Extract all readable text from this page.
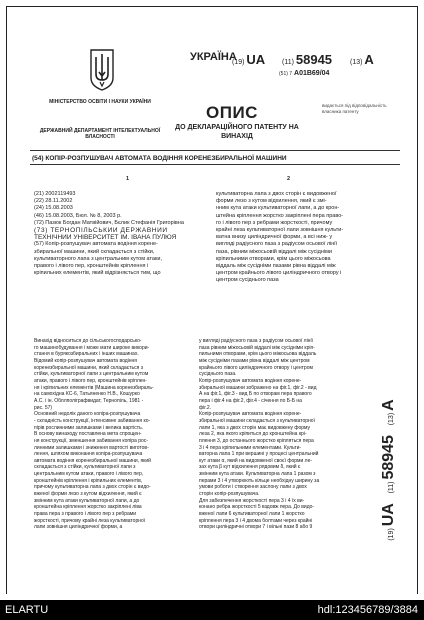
УКРАЇНА
МІНІСТЕРСТВО ОСВІТИ І НАУКИ УКРАЇНИ
ДЕРЖАВНИЙ ДЕПАРТАМЕНТ ІНТЕЛЕКТУАЛЬНОЇ ВЛАСНОСТІ
(19) UA (11) 58945	(13) A
(51) 7 A01B69/04
ОПИС
ДО ДЕКЛАРАЦІЙНОГО ПАТЕНТУ НА ВИНАХІД
видається під відповідальність власника патенту
(54) КОПІР-РОЗПУШУВАЧ АВТОМАТА ВОДІННЯ КОРЕНЕЗБИРАЛЬНОЇ МАШИНИ
1	2
(21) 2002119493
(22) 28.11.2002
(24) 15.08.2003
(46) 15.08.2003, Бюл. № 8, 2003 р.
(72) Пазюк Богдан Матвійович, Бєлик Стефанія Григорівна
(73) ТЕРНОПІЛЬСЬКИЙ ДЕРЖАВНИЙ
ТЕХНІЧНИЙ УНІВЕРСИТЕТ ІМ. ІВАНА ПУЛЮЯ
(57) Копір-розпушувач автомата водіння корене-
збиральної машини, який складається з стійки,
культиваторного лапа з центральним кутом атаки,
правого і лівого пер, кронштейнів кріплення і
кріпильних елементів, який відрізняється тим, що
культиваторна лапа з двох сторін є видовженої
форми лезо з кутом відхилення, який є змі-
нним кута атаки культиваторної лапи, а до крон-
штейна кріплення жорстко закріплені пера право-
го і лівого пер з ребрами жорсткості, причому
крайні леза культиваторної лапи зовнішня культи-
ватна внизу циліндричної форми, а всі ниж- у
вигляді радіусного паза з радіусом осьової лінії
паза, рівним міжосьовій віддалі між сусідніми
кріпильними отворами, крім цього міжосьова
віддаль між сусідніми пазами рівна віддалі між
центром крайнього лівого циліндричного отвору і
центром сусіднього паза
Винахід відноситься до сільськогосподарсько-
го машинобудування і може мати широке викори-
стання в бурякозбиральних і інших машинах.
Відомий копір-розпушувач автомата водіння
коренезбиральної машини, який складається з
стійки, культиваторної лапи з центральним кутом
атаки, правого і лівого пер, кронштейнів кріплен-
ня і кріпильних елементів (Машина коренезбираль-
на самохідна КС-6, Татьяненко Н.В., Кошурко
А.С. і ін. Обллполіграфвидат, Тернопіль, 1981 -
рис. 57)
Основний недолік даного копіра-розпушувача
- складність конструкції, інтенсивне забивання ко-
пірів рослинними залишками і велика вартість.
В основу винаходу поставлена мета спрощен-
ня конструкції, зменшення забивання копіра рос-
линними залишками і зниження вартості виготов-
лення, шляхом виконання копіра-розпушувача
автомата водіння коренезбиральної машини, який
складається з стійки, культиваторної лапи з
центральним кутом атаки, правого і лівого пер,
кронштейнів кріплення і кріпильних елементів,
причому культиваторна лапа з двох сторін є видо-
вженої форми лезо з кутом відхилення, який є
змінним кута атаки культиваторної лапи, а до
кронштейна кріплення жорстко закріплені ліва
права пера з правого і лівого пер з ребрами
жорсткості, причому крайні леза культиваторної
лапи зовнішня циліндричної форми, а
у вигляді радіусного паза з радіусом осьової лінії
паза рівним міжосьовій віддалі між сусідніми кріп-
пильними отворами, крім цього міжосьова віддаль
між сусідніми пазами рівна віддалі між центром
крайнього лівого циліндричного отвору і центром
сусіднього паза.
Копір-розпушувач автомата водіння корене-
збиральної машини зображено на фіг.1, фіг.2 - вид
А на фіг.1, фіг.3 - вид Б по отворам пера правого
пера і фіг.4 на фіг.2, фіг.4 - січення по Б-Б на
фіг.2.
Копір-розпушувач автомата водіння корене-
збиральної машини складається з культиваторної
лапи 1, яка з двох сторін має видовжену форму
леза 2, яка якого кріпиться до кронштейна крі-
плення 3, до останнього жорстко кріпляться пера
3 і 4 пера кріпильними елементами. Культи-
ваторна лапа 1 при вершині у процесі центральний
кут атаки α, який на видовженої своєї форми ле-
зах кута β кут відхилення рядовим δ, який є
змінним кута атаки. Культиваторна лапа 1 разом з
перами 3 і 4 утворюють кільце необхідну ширину за
умови роботи і створення заслону лапи з двох
сторін копір-розпушувача.
Для забезпечення жорсткості пера 3 і 4 їх ви-
конано ребра жорсткості 5 вздовж пера. До видо-
вженої лапи 6 культиваторної лапи 1 жорстко
кріплення пера 3 і 4 двома болтами через крайні
отвори циліндричні отвори 7 і вільні пази 8 або 9
(19) UA     (11) 58945     (13) A
ELARTU	hdl:123456789/3884
